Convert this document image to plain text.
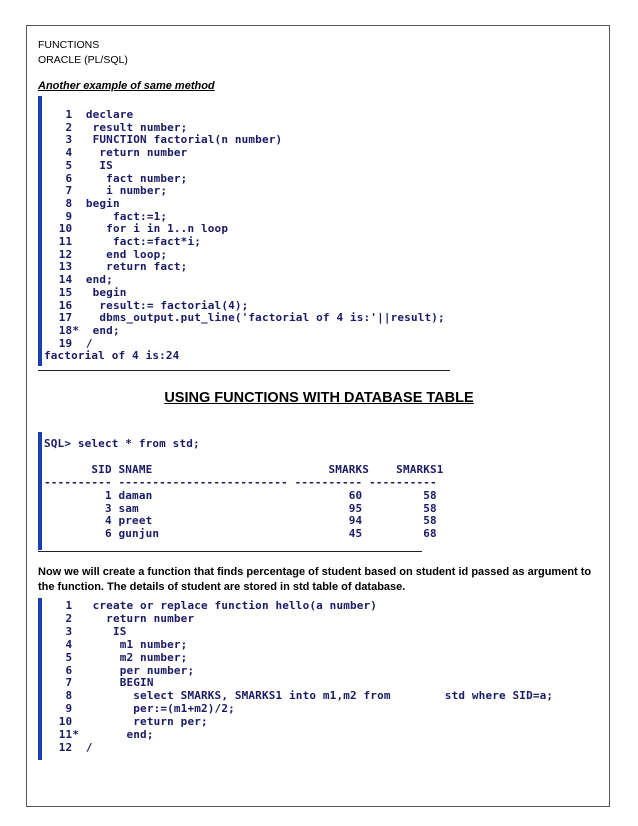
FUNCTIONS
ORACLE (PL/SQL)
Another example of same method
1  declare
2   result number;
3   FUNCTION factorial(n number)
4    return number
5    IS
6     fact number;
7     i number;
8  begin
9      fact:=1;
10     for i in 1..n loop
11      fact:=fact*i;
12     end loop;
13     return fact;
14  end;
15   begin
16    result:= factorial(4);
17    dbms_output.put_line('factorial of 4 is:'||result);
18*  end;
19  /
factorial of 4 is:24
USING FUNCTIONS WITH DATABASE TABLE
SQL> select * from std;
SID SNAME                          SMARKS    SMARKS1
---------- ------------------------- ---------- ----------
1 daman                             60         58
3 sam                               95         58
4 preet                             94         58
6 gunjun                            45         68
Now we will create a function that finds percentage of student based on student id passed as argument to the function. The details of student are stored in std table of database.
1   create or replace function hello(a number)
2     return number
3      IS
4       m1 number;
5       m2 number;
6       per number;
7       BEGIN
8         select SMARKS, SMARKS1 into m1,m2 from        std where SID=a;
9         per:=(m1+m2)/2;
10         return per;
11*       end;
12  /
